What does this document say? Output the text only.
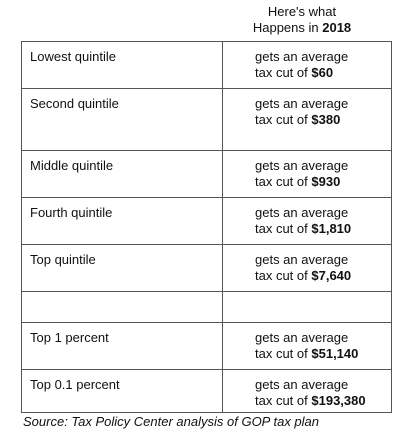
Here's what
Happens in 2018
Lowest quintile	gets an average
tax cut of $60

Second quintile	gets an average
tax cut of $380

Middle quintile	gets an average
tax cut of $930

Fourth quintile	gets an average
tax cut of $1,810

Top quintile	gets an average
tax cut of $7,640

Top 1 percent	gets an average
tax cut of $51,140

Top 0.1 percent	gets an average
tax cut of $193,380
Source: Tax Policy Center analysis of GOP tax plan
